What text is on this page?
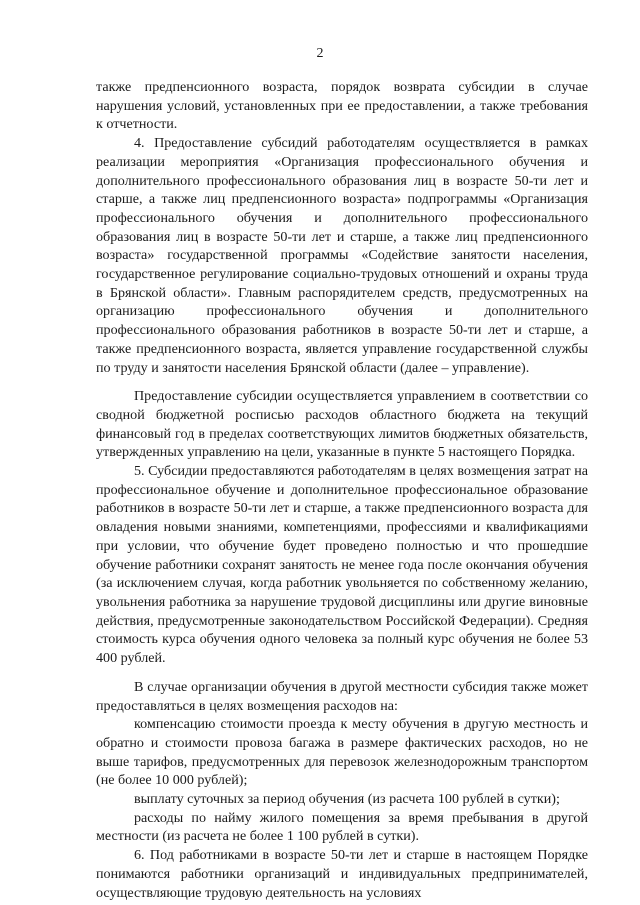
2

также предпенсионного возраста, порядок возврата субсидии в случае нарушения условий, установленных при ее предоставлении, а также требования к отчетности.

4. Предоставление субсидий работодателям осуществляется в рамках реализации мероприятия «Организация профессионального обучения и дополнительного профессионального образования лиц в возрасте 50-ти лет и старше, а также лиц предпенсионного возраста» подпрограммы «Организация профессионального обучения и дополнительного профессионального образования лиц в возрасте 50-ти лет и старше, а также лиц предпенсионного возраста» государственной программы «Содействие занятости населения, государственное регулирование социально-трудовых отношений и охраны труда в Брянской области». Главным распорядителем средств, предусмотренных на организацию профессионального обучения и дополнительного профессионального образования работников в возрасте 50-ти лет и старше, а также предпенсионного возраста, является управление государственной службы по труду и занятости населения Брянской области (далее – управление).

Предоставление субсидии осуществляется управлением в соответствии со сводной бюджетной росписью расходов областного бюджета на текущий финансовый год в пределах соответствующих лимитов бюджетных обязательств, утвержденных управлению на цели, указанные в пункте 5 настоящего Порядка.

5. Субсидии предоставляются работодателям в целях возмещения затрат на профессиональное обучение и дополнительное профессиональное образование работников в возрасте 50-ти лет и старше, а также предпенсионного возраста для овладения новыми знаниями, компетенциями, профессиями и квалификациями при условии, что обучение будет проведено полностью и что прошедшие обучение работники сохранят занятость не менее года после окончания обучения (за исключением случая, когда работник увольняется по собственному желанию, увольнения работника за нарушение трудовой дисциплины или другие виновные действия, предусмотренные законодательством Российской Федерации). Средняя стоимость курса обучения одного человека за полный курс обучения не более 53 400 рублей.

В случае организации обучения в другой местности субсидия также может предоставляться в целях возмещения расходов на:

компенсацию стоимости проезда к месту обучения в другую местность и обратно и стоимости провоза багажа в размере фактических расходов, но не выше тарифов, предусмотренных для перевозок железнодорожным транспортом (не более 10 000 рублей);

выплату суточных за период обучения (из расчета 100 рублей в сутки);

расходы по найму жилого помещения за время пребывания в другой местности (из расчета не более 1 100 рублей в сутки).

6. Под работниками в возрасте 50-ти лет и старше в настоящем Порядке понимаются работники организаций и индивидуальных предпринимателей, осуществляющие трудовую деятельность на условиях
